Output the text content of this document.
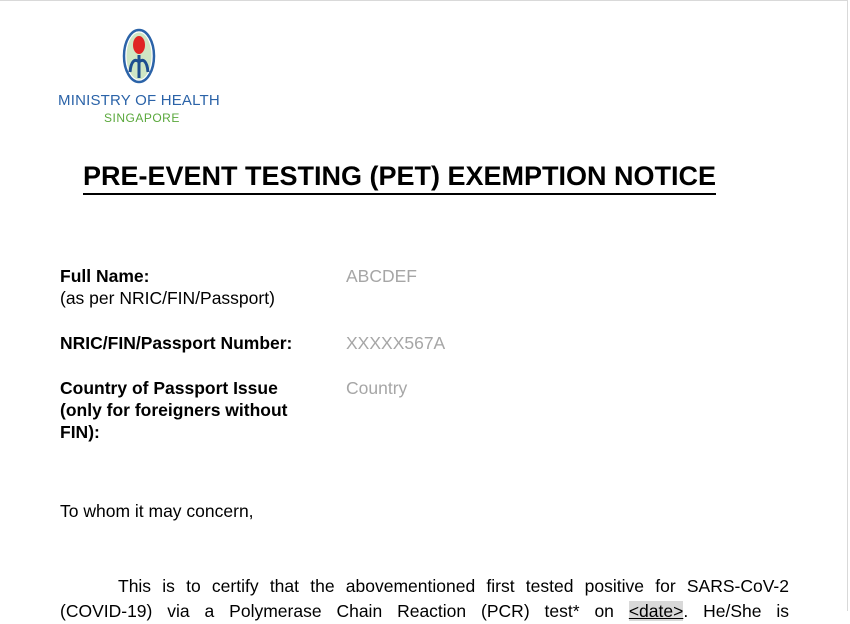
MINISTRY OF HEALTH
SINGAPORE
PRE-EVENT TESTING (PET) EXEMPTION NOTICE
Full Name:
(as per NRIC/FIN/Passport)
ABCDEF
NRIC/FIN/Passport Number:	XXXXX567A
Country of Passport Issue (only for foreigners without FIN):
Country
To whom it may concern,
This is to certify that the abovementioned first tested positive for SARS-CoV-2 (COVID-19) via a Polymerase Chain Reaction (PCR) test* on <date>. He/She is
